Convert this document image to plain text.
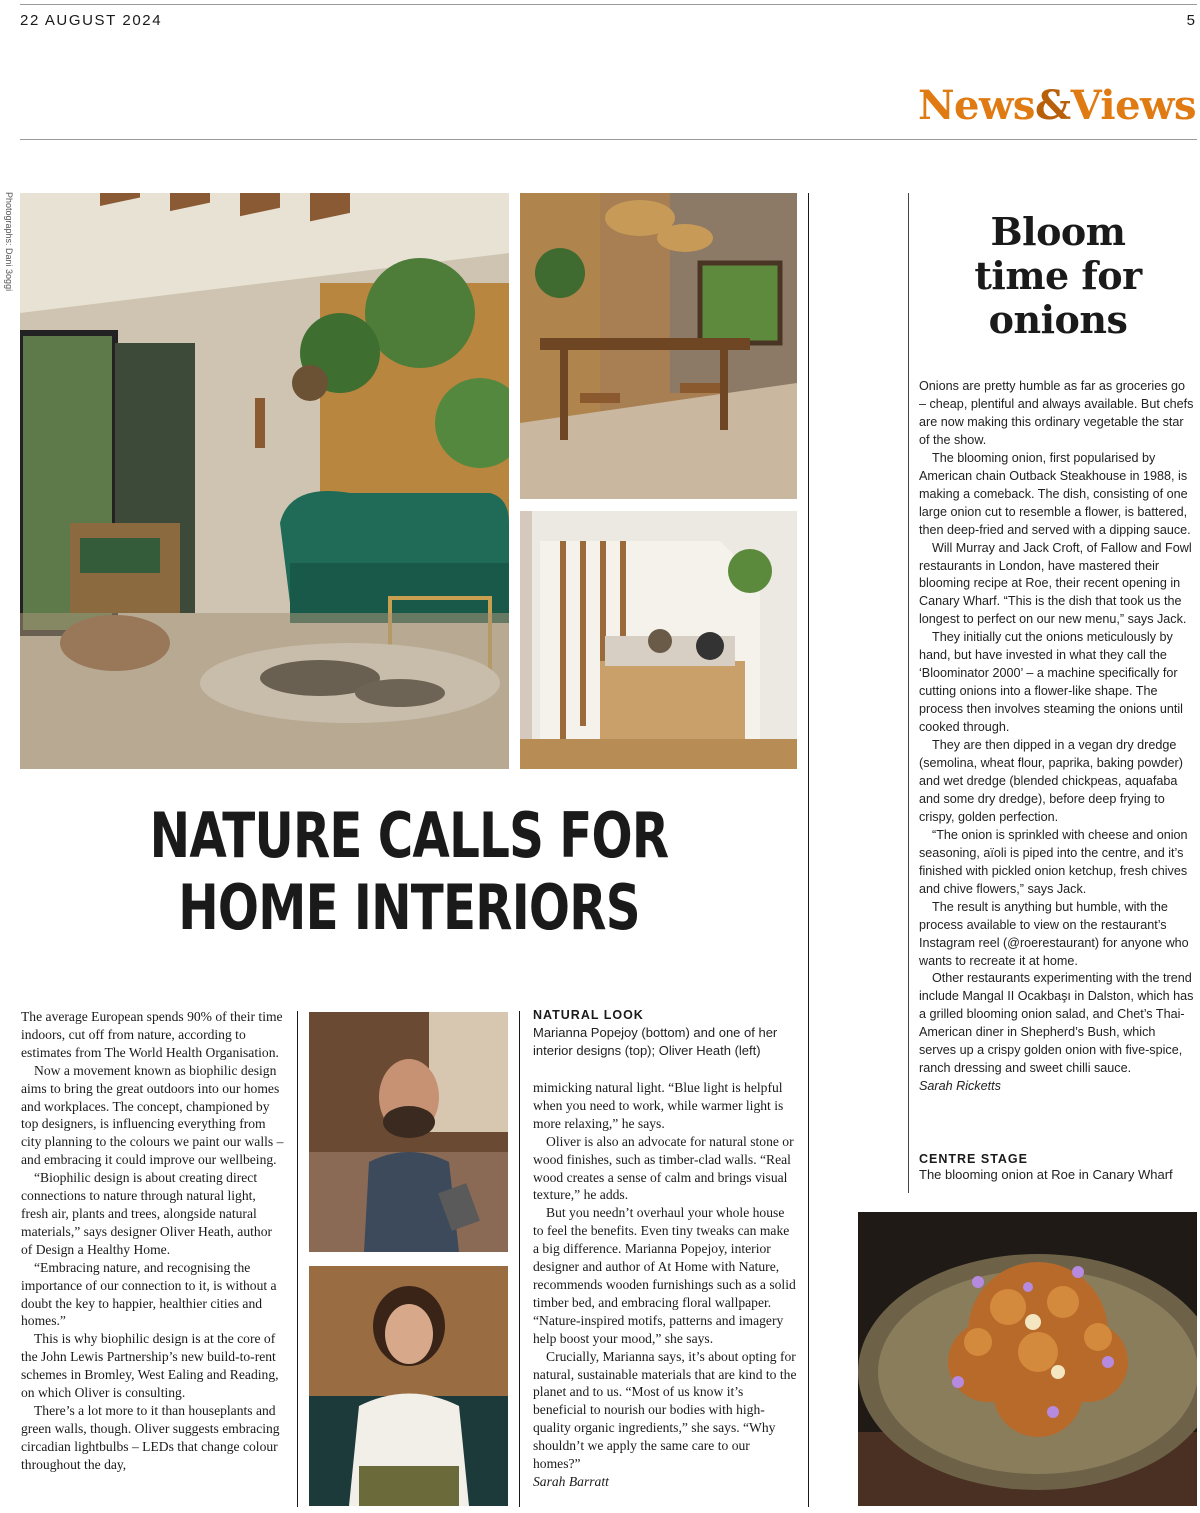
22 AUGUST 2024	5
News&Views
Photographs: Dani 3oggi
NATURE CALLS FOR
HOME INTERIORS

The average European spends 90% of their time indoors, cut off from nature, according to estimates from The World Health Organisation.

Now a movement known as biophilic design aims to bring the great outdoors into our homes and workplaces. The concept, championed by top designers, is influencing everything from city planning to the colours we paint our walls – and embracing it could improve our wellbeing.

“Biophilic design is about creating direct connections to nature through natural light, fresh air, plants and trees, alongside natural materials,” says designer Oliver Heath, author of Design a Healthy Home.

“Embracing nature, and recognising the importance of our connection to it, is without a doubt the key to happier, healthier cities and homes.”

This is why biophilic design is at the core of the John Lewis Partnership’s new build-to-rent schemes in Bromley, West Ealing and Reading, on which Oliver is consulting.

There’s a lot more to it than houseplants and green walls, though. Oliver suggests embracing circadian lightbulbs – LEDs that change colour throughout the day,

NATURAL LOOK
Marianna Popejoy (bottom) and one of her interior designs (top); Oliver Heath (left)

mimicking natural light. “Blue light is helpful when you need to work, while warmer light is more relaxing,” he says.

Oliver is also an advocate for natural stone or wood finishes, such as timber-clad walls. “Real wood creates a sense of calm and brings visual texture,” he adds.

But you needn’t overhaul your whole house to feel the benefits. Even tiny tweaks can make a big difference. Marianna Popejoy, interior designer and author of At Home with Nature, recommends wooden furnishings such as a solid timber bed, and embracing floral wallpaper. “Nature-inspired motifs, patterns and imagery help boost your mood,” she says.

Crucially, Marianna says, it’s about opting for natural, sustainable materials that are kind to the planet and to us. “Most of us know it’s beneficial to nourish our bodies with high-quality organic ingredients,” she says. “Why shouldn’t we apply the same care to our homes?”

Sarah Barratt

Bloom
time for
onions

Onions are pretty humble as far as groceries go – cheap, plentiful and always available. But chefs are now making this ordinary vegetable the star of the show.

The blooming onion, first popularised by American chain Outback Steakhouse in 1988, is making a comeback. The dish, consisting of one large onion cut to resemble a flower, is battered, then deep-fried and served with a dipping sauce.

Will Murray and Jack Croft, of Fallow and Fowl restaurants in London, have mastered their blooming recipe at Roe, their recent opening in Canary Wharf. “This is the dish that took us the longest to perfect on our new menu,” says Jack.

They initially cut the onions meticulously by hand, but have invested in what they call the ‘Bloominator 2000’ – a machine specifically for cutting onions into a flower-like shape. The process then involves steaming the onions until cooked through.

They are then dipped in a vegan dry dredge (semolina, wheat flour, paprika, baking powder) and wet dredge (blended chickpeas, aquafaba and some dry dredge), before deep frying to crispy, golden perfection.

“The onion is sprinkled with cheese and onion seasoning, aïoli is piped into the centre, and it’s finished with pickled onion ketchup, fresh chives and chive flowers,” says Jack.

The result is anything but humble, with the process available to view on the restaurant’s Instagram reel (@roerestaurant) for anyone who wants to recreate it at home.

Other restaurants experimenting with the trend include Mangal II Ocakbaşı in Dalston, which has a grilled blooming onion salad, and Chet’s Thai-American diner in Shepherd’s Bush, which serves up a crispy golden onion with five-spice, ranch dressing and sweet chilli sauce.

Sarah Ricketts

CENTRE STAGE
The blooming onion at Roe in Canary Wharf
